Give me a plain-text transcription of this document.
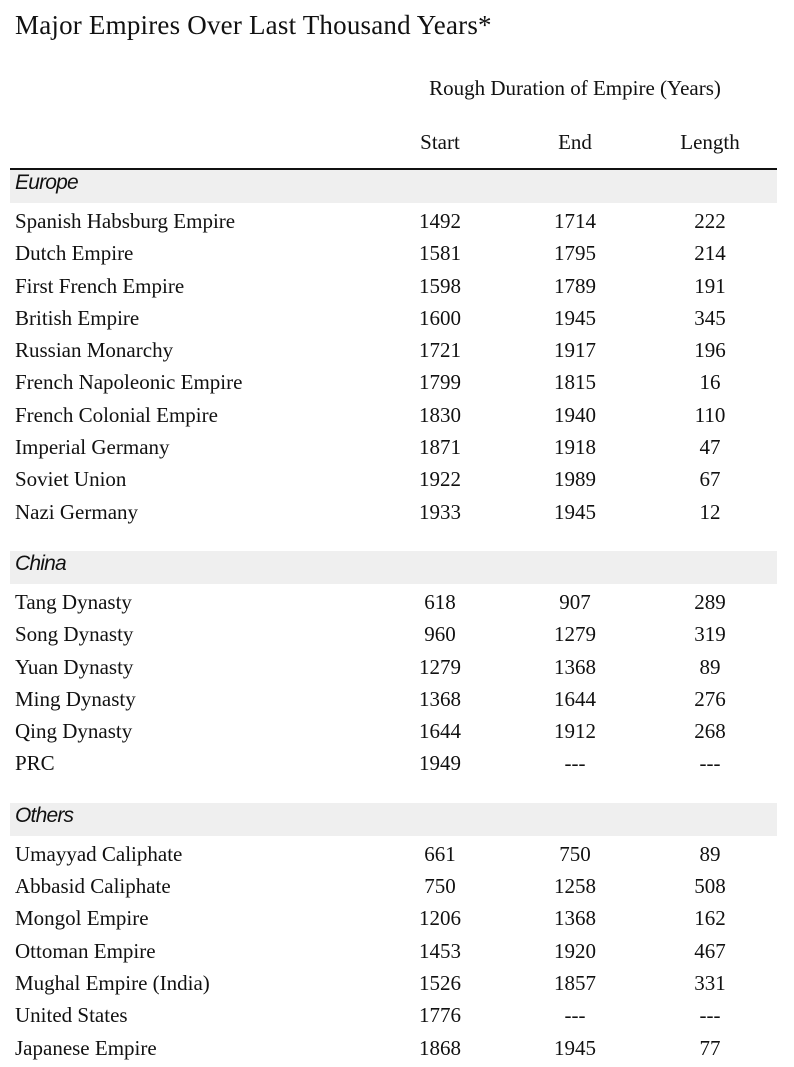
Major Empires Over Last Thousand Years*
Rough Duration of Empire (Years)
Start	End	Length
Europe
Spanish Habsburg Empire	1492	1714	222
Dutch Empire	1581	1795	214
First French Empire	1598	1789	191
British Empire	1600	1945	345
Russian Monarchy	1721	1917	196
French Napoleonic Empire	1799	1815	16
French Colonial Empire	1830	1940	110
Imperial Germany	1871	1918	47
Soviet Union	1922	1989	67
Nazi Germany	1933	1945	12
China
Tang Dynasty	618	907	289
Song Dynasty	960	1279	319
Yuan Dynasty	1279	1368	89
Ming Dynasty	1368	1644	276
Qing Dynasty	1644	1912	268
PRC	1949	---	---
Others
Umayyad Caliphate	661	750	89
Abbasid Caliphate	750	1258	508
Mongol Empire	1206	1368	162
Ottoman Empire	1453	1920	467
Mughal Empire (India)	1526	1857	331
United States	1776	---	---
Japanese Empire	1868	1945	77
